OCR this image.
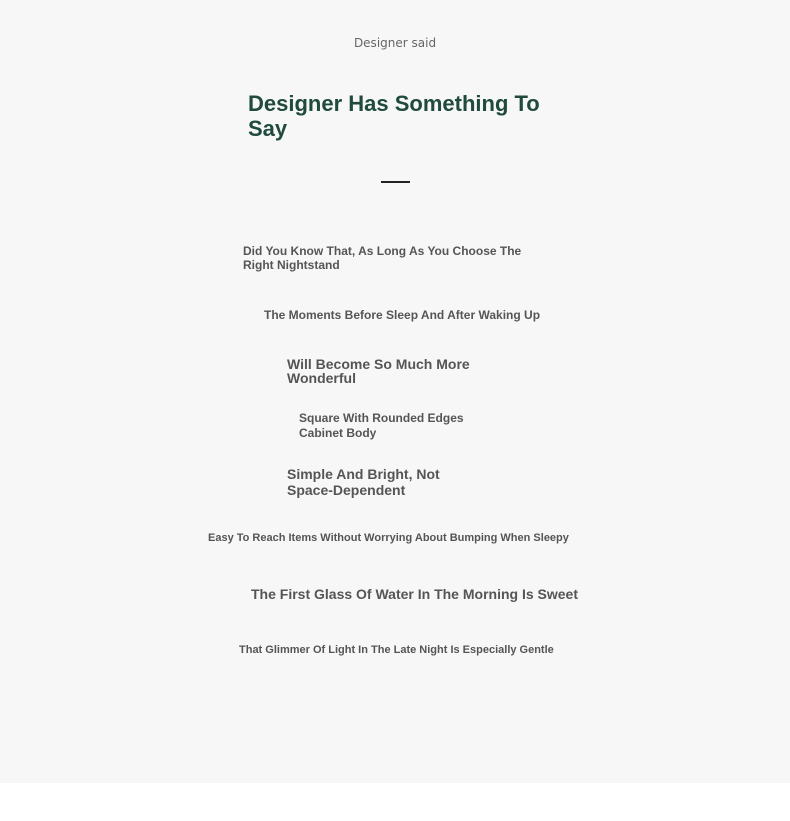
Designer said

Designer Has Something To Say

Did You Know That, As Long As You Choose The Right Nightstand

The Moments Before Sleep And After Waking Up

Will Become So Much More Wonderful

Square With Rounded Edges Cabinet Body

Simple And Bright, Not Space-Dependent

Easy To Reach Items Without Worrying About Bumping When Sleepy

The First Glass Of Water In The Morning Is Sweet

That Glimmer Of Light In The Late Night Is Especially Gentle
